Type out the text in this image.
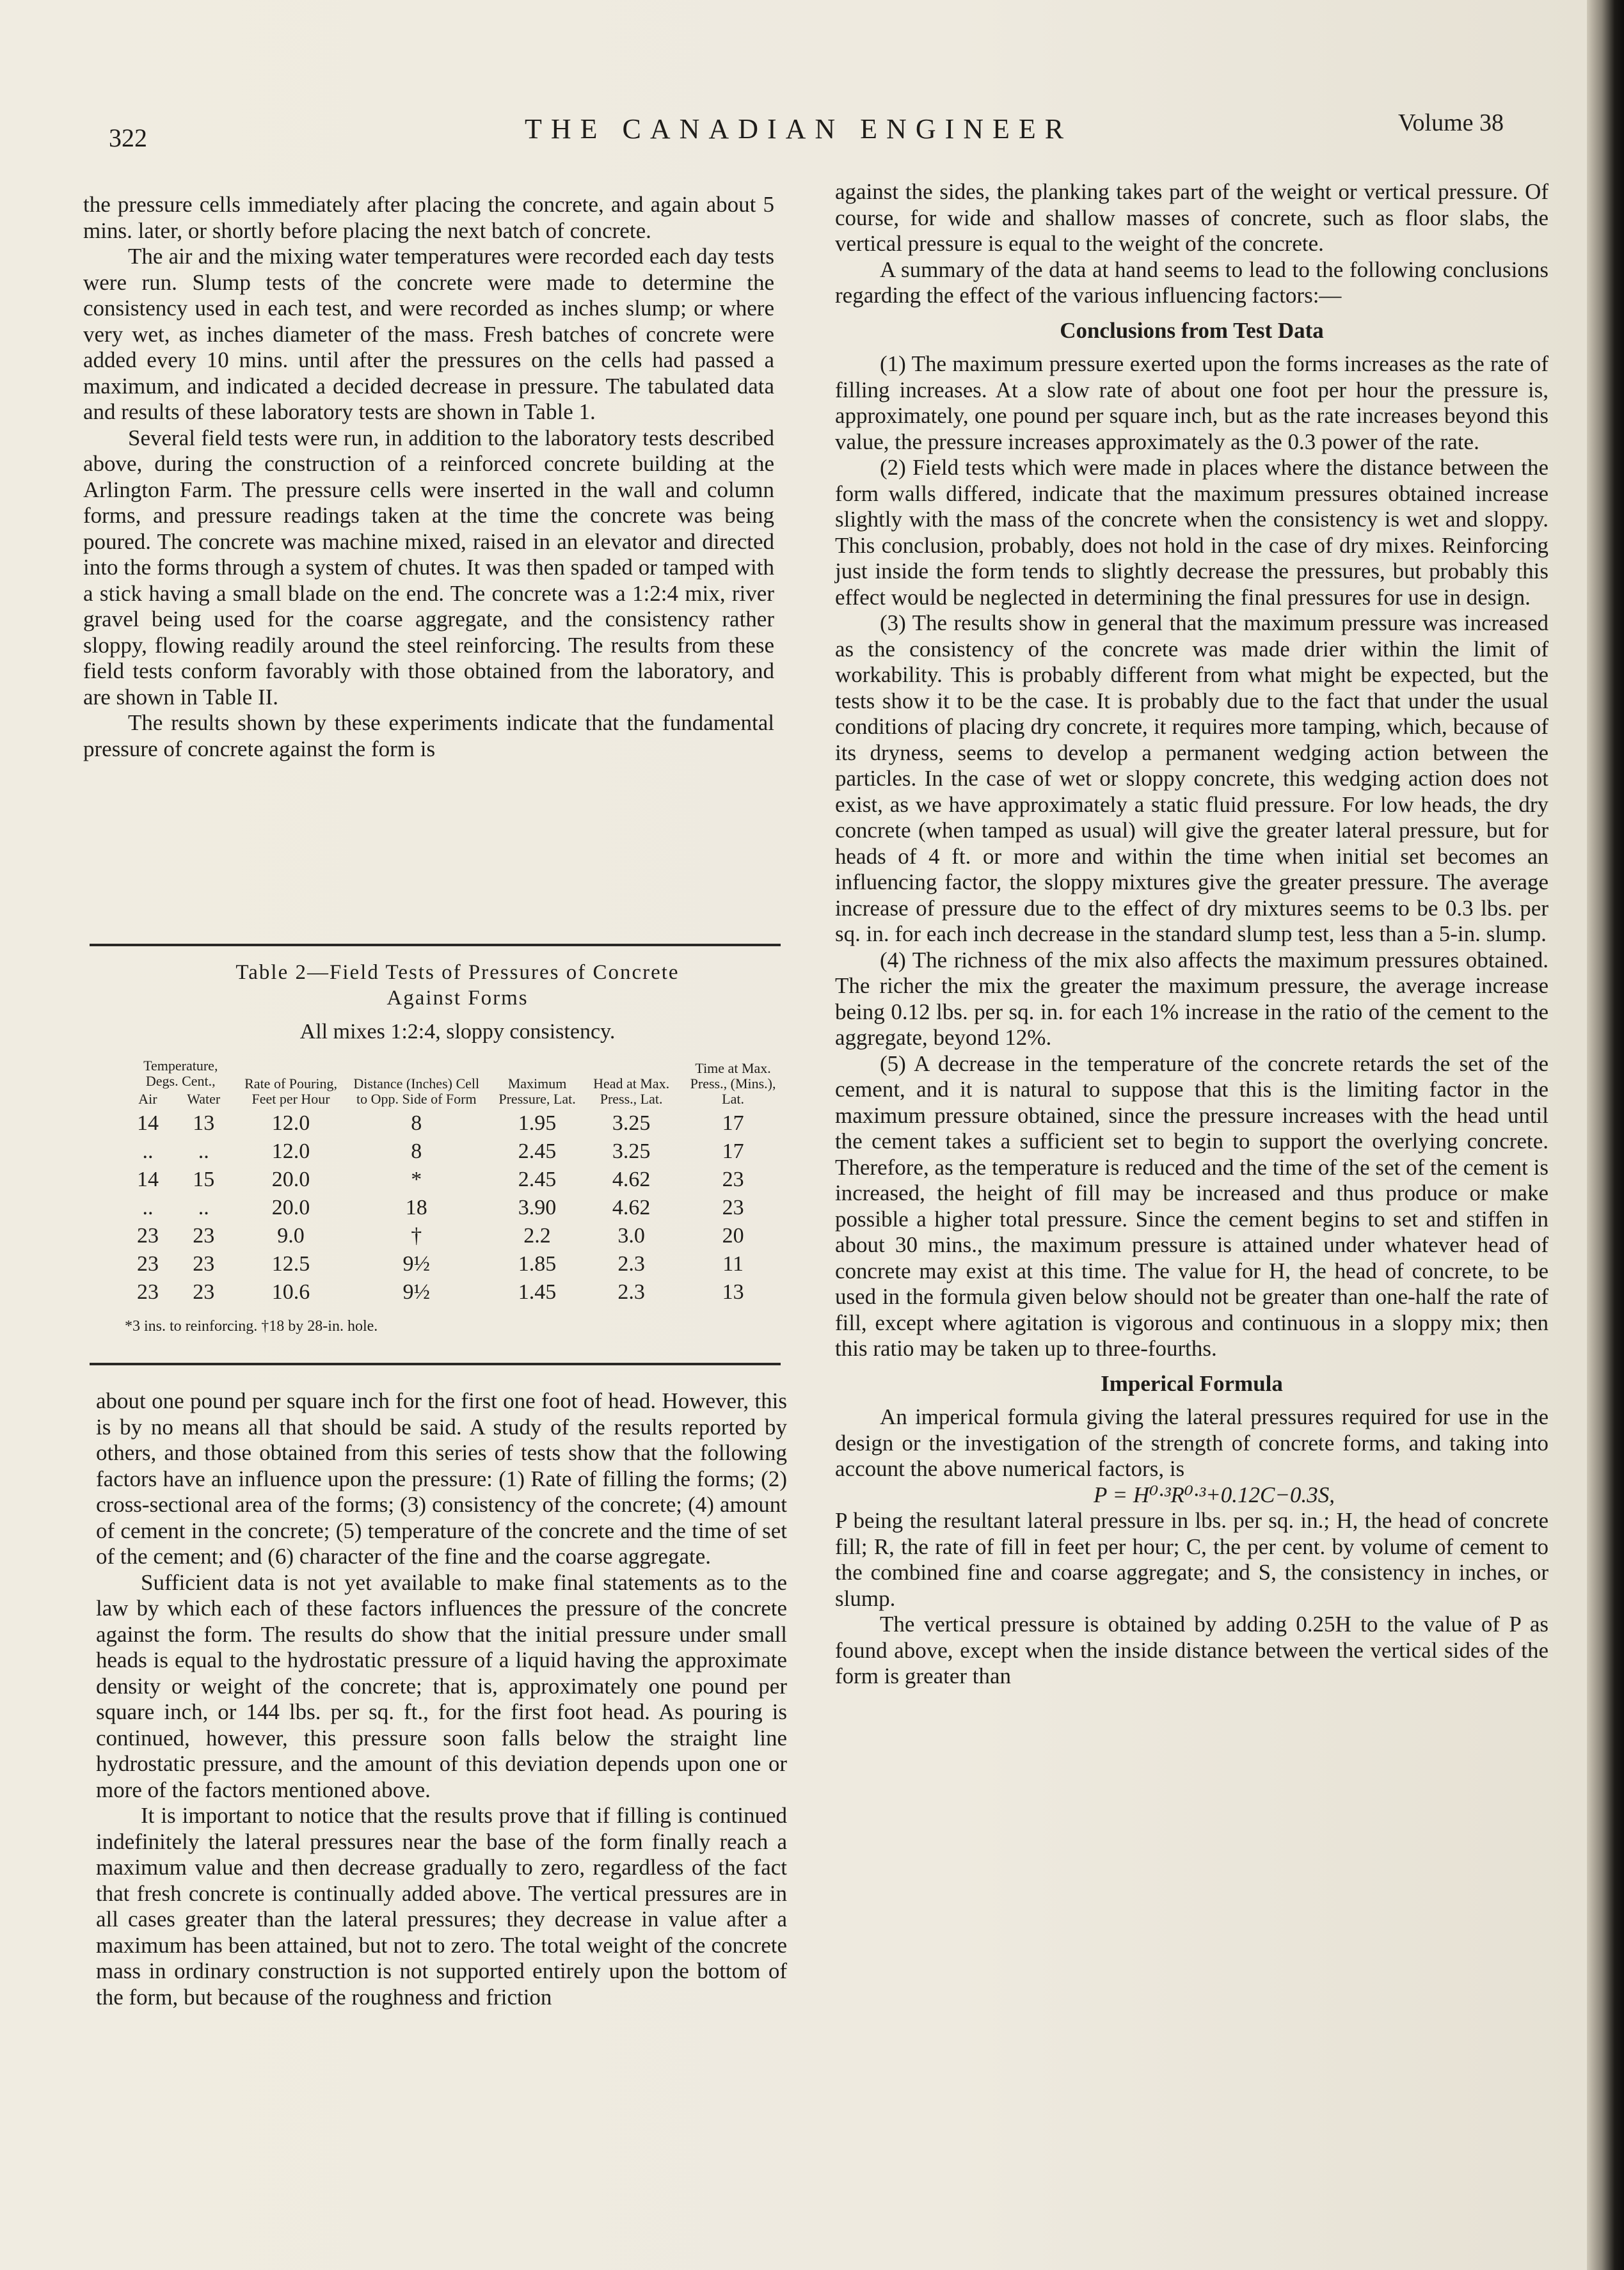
322	THE CANADIAN ENGINEER	Volume 38

the pressure cells immediately after placing the concrete, and again about 5 mins. later, or shortly before placing the next batch of concrete.

The air and the mixing water temperatures were recorded each day tests were run. Slump tests of the concrete were made to determine the consistency used in each test, and were recorded as inches slump; or where very wet, as inches diameter of the mass. Fresh batches of concrete were added every 10 mins. until after the pressures on the cells had passed a maximum, and indicated a decided decrease in pressure. The tabulated data and results of these laboratory tests are shown in Table 1.

Several field tests were run, in addition to the laboratory tests described above, during the construction of a reinforced concrete building at the Arlington Farm. The pressure cells were inserted in the wall and column forms, and pressure readings taken at the time the concrete was being poured. The concrete was machine mixed, raised in an elevator and directed into the forms through a system of chutes. It was then spaded or tamped with a stick having a small blade on the end. The concrete was a 1:2:4 mix, river gravel being used for the coarse aggregate, and the consistency rather sloppy, flowing readily around the steel reinforcing. The results from these field tests conform favorably with those obtained from the laboratory, and are shown in Table II.

The results shown by these experiments indicate that the fundamental pressure of concrete against the form is

Table 2—Field Tests of Pressures of Concrete
Against Forms
All mixes 1:2:4, sloppy consistency.
Temperature, Degs. Cent.,		Rate of Pouring, Feet per Hour	Distance (Inches) Cell to Opp. Side of Form	Maximum Pressure, Lat.	Head at Max. Press., Lat.	Time at Max. Press., (Mins.), Lat.
Air	Water					
14	13	12.0	8	1.95	3.25	17
..	..	12.0	8	2.45	3.25	17
14	15	20.0	*	2.45	4.62	23
..	..	20.0	18	3.90	4.62	23
23	23	9.0	†	2.2	3.0	20
23	23	12.5	9½	1.85	2.3	11
23	23	10.6	9½	1.45	2.3	13
*3 ins. to reinforcing. †18 by 28-in. hole.

about one pound per square inch for the first one foot of head. However, this is by no means all that should be said. A study of the results reported by others, and those obtained from this series of tests show that the following factors have an influence upon the pressure: (1) Rate of filling the forms; (2) cross-sectional area of the forms; (3) consistency of the concrete; (4) amount of cement in the concrete; (5) temperature of the concrete and the time of set of the cement; and (6) character of the fine and the coarse aggregate.

Sufficient data is not yet available to make final statements as to the law by which each of these factors influences the pressure of the concrete against the form. The results do show that the initial pressure under small heads is equal to the hydrostatic pressure of a liquid having the approximate density or weight of the concrete; that is, approximately one pound per square inch, or 144 lbs. per sq. ft., for the first foot head. As pouring is continued, however, this pressure soon falls below the straight line hydrostatic pressure, and the amount of this deviation depends upon one or more of the factors mentioned above.

It is important to notice that the results prove that if filling is continued indefinitely the lateral pressures near the base of the form finally reach a maximum value and then decrease gradually to zero, regardless of the fact that fresh concrete is continually added above. The vertical pressures are in all cases greater than the lateral pressures; they decrease in value after a maximum has been attained, but not to zero. The total weight of the concrete mass in ordinary construction is not supported entirely upon the bottom of the form, but because of the roughness and friction

against the sides, the planking takes part of the weight or vertical pressure. Of course, for wide and shallow masses of concrete, such as floor slabs, the vertical pressure is equal to the weight of the concrete.

A summary of the data at hand seems to lead to the following conclusions regarding the effect of the various influencing factors:—

Conclusions from Test Data

(1) The maximum pressure exerted upon the forms increases as the rate of filling increases. At a slow rate of about one foot per hour the pressure is, approximately, one pound per square inch, but as the rate increases beyond this value, the pressure increases approximately as the 0.3 power of the rate.

(2) Field tests which were made in places where the distance between the form walls differed, indicate that the maximum pressures obtained increase slightly with the mass of the concrete when the consistency is wet and sloppy. This conclusion, probably, does not hold in the case of dry mixes. Reinforcing just inside the form tends to slightly decrease the pressures, but probably this effect would be neglected in determining the final pressures for use in design.

(3) The results show in general that the maximum pressure was increased as the consistency of the concrete was made drier within the limit of workability. This is probably different from what might be expected, but the tests show it to be the case. It is probably due to the fact that under the usual conditions of placing dry concrete, it requires more tamping, which, because of its dryness, seems to develop a permanent wedging action between the particles. In the case of wet or sloppy concrete, this wedging action does not exist, as we have approximately a static fluid pressure. For low heads, the dry concrete (when tamped as usual) will give the greater lateral pressure, but for heads of 4 ft. or more and within the time when initial set becomes an influencing factor, the sloppy mixtures give the greater pressure. The average increase of pressure due to the effect of dry mixtures seems to be 0.3 lbs. per sq. in. for each inch decrease in the standard slump test, less than a 5-in. slump.

(4) The richness of the mix also affects the maximum pressures obtained. The richer the mix the greater the maximum pressure, the average increase being 0.12 lbs. per sq. in. for each 1% increase in the ratio of the cement to the aggregate, beyond 12%.

(5) A decrease in the temperature of the concrete retards the set of the cement, and it is natural to suppose that this is the limiting factor in the maximum pressure obtained, since the pressure increases with the head until the cement takes a sufficient set to begin to support the overlying concrete. Therefore, as the temperature is reduced and the time of the set of the cement is increased, the height of fill may be increased and thus produce or make possible a higher total pressure. Since the cement begins to set and stiffen in about 30 mins., the maximum pressure is attained under whatever head of concrete may exist at this time. The value for H, the head of concrete, to be used in the formula given below should not be greater than one-half the rate of fill, except where agitation is vigorous and continuous in a sloppy mix; then this ratio may be taken up to three-fourths.

Imperical Formula

An imperical formula giving the lateral pressures required for use in the design or the investigation of the strength of concrete forms, and taking into account the above numerical factors, is

P = H⁰·³R⁰·³+0.12C−0.3S,

P being the resultant lateral pressure in lbs. per sq. in.; H, the head of concrete fill; R, the rate of fill in feet per hour; C, the per cent. by volume of cement to the combined fine and coarse aggregate; and S, the consistency in inches, or slump.

The vertical pressure is obtained by adding 0.25H to the value of P as found above, except when the inside distance between the vertical sides of the form is greater than
